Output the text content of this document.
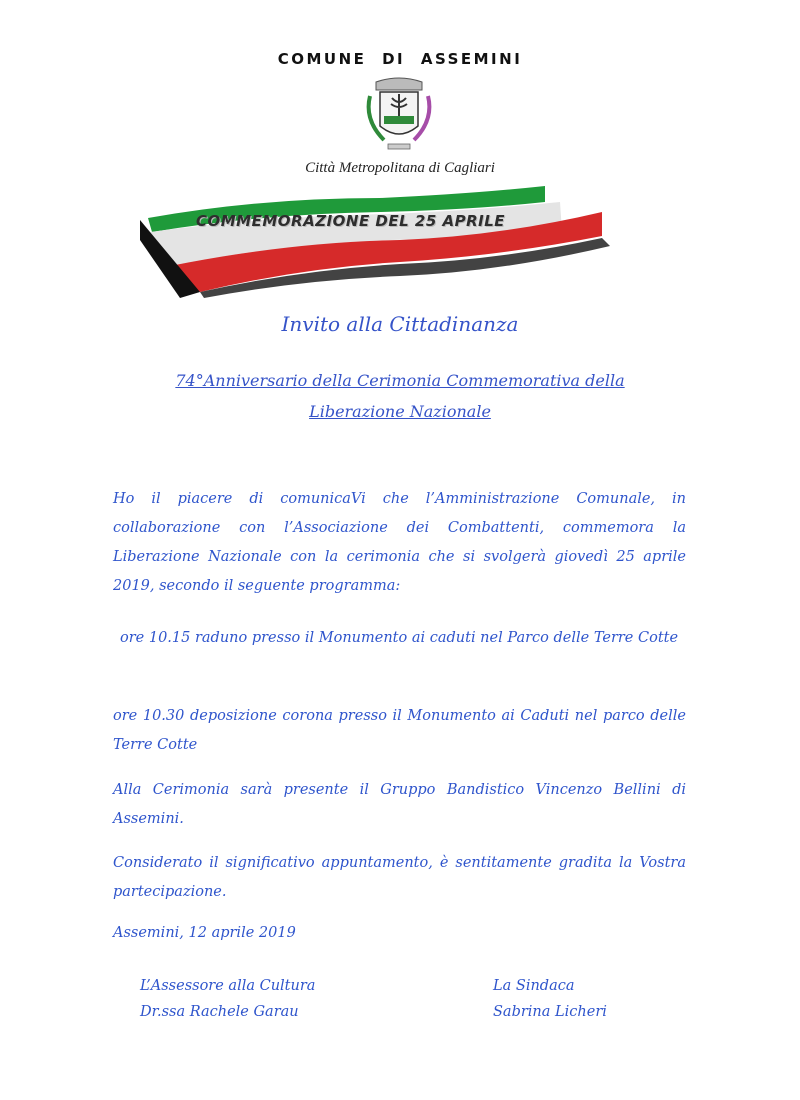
COMUNE DI ASSEMINI
Città Metropolitana di Cagliari
COMMEMORAZIONE DEL 25 APRILE
Invito alla Cittadinanza
74°Anniversario della Cerimonia Commemorativa della
Liberazione Nazionale
Ho il piacere di comunicaVi che l’Amministrazione Comunale, in collaborazione con l’Associazione dei Combattenti, commemora la Liberazione Nazionale con la cerimonia che si svolgerà giovedì 25 aprile 2019, secondo il seguente programma:
ore 10.15 raduno presso il Monumento ai caduti nel Parco delle Terre Cotte
ore 10.30 deposizione corona presso il Monumento ai Caduti nel parco delle Terre Cotte
Alla Cerimonia sarà presente il Gruppo Bandistico Vincenzo Bellini di Assemini.
Considerato il significativo appuntamento, è sentitamente gradita la Vostra partecipazione.
Assemini, 12 aprile 2019
L’Assessore alla Cultura
Dr.ssa Rachele Garau
La Sindaca
Sabrina Licheri
